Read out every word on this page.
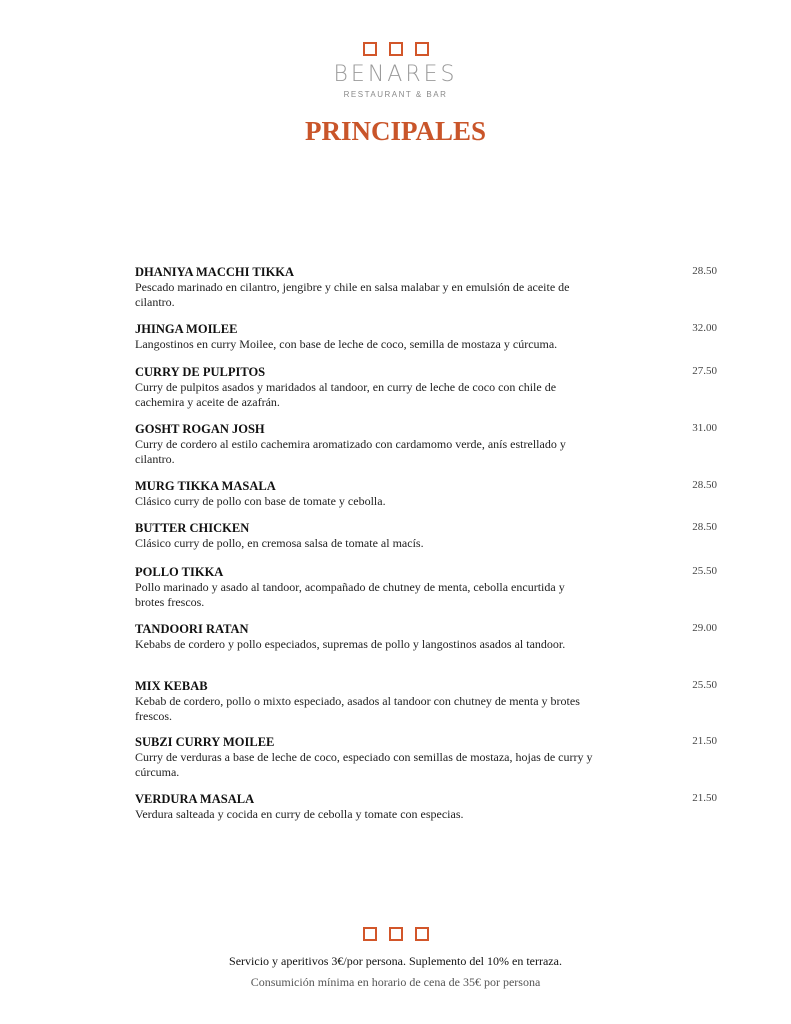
BENARES
RESTAURANT & BAR
PRINCIPALES
DHANIYA MACCHI TIKKA
Pescado marinado en cilantro, jengibre y chile en salsa malabar y en emulsión de aceite de cilantro.
28.50
JHINGA MOILEE
Langostinos en curry Moilee, con base de leche de coco, semilla de mostaza y cúrcuma.
32.00
CURRY DE PULPITOS
Curry de pulpitos asados y maridados al tandoor, en curry de leche de coco con chile de cachemira y aceite de azafrán.
27.50
GOSHT ROGAN JOSH
Curry de cordero al estilo cachemira aromatizado con cardamomo verde, anís estrellado y cilantro.
31.00
MURG TIKKA MASALA
Clásico curry de pollo con base de tomate y cebolla.
28.50
BUTTER CHICKEN
Clásico curry de pollo, en cremosa salsa de tomate al macís.
28.50
POLLO TIKKA
Pollo marinado y asado al tandoor, acompañado de chutney de menta, cebolla encurtida y brotes frescos.
25.50
TANDOORI RATAN
Kebabs de cordero y pollo especiados, supremas de pollo y langostinos asados al tandoor.
29.00
MIX KEBAB
Kebab de cordero, pollo o mixto especiado, asados al tandoor con chutney de menta y brotes frescos.
25.50
SUBZI CURRY MOILEE
Curry de verduras a base de leche de coco, especiado con semillas de mostaza, hojas de curry y cúrcuma.
21.50
VERDURA MASALA
Verdura salteada y cocida en curry de cebolla y tomate con especias.
21.50
Servicio y aperitivos 3€/por persona. Suplemento del 10% en terraza.
Consumición mínima en horario de cena de 35€ por persona
